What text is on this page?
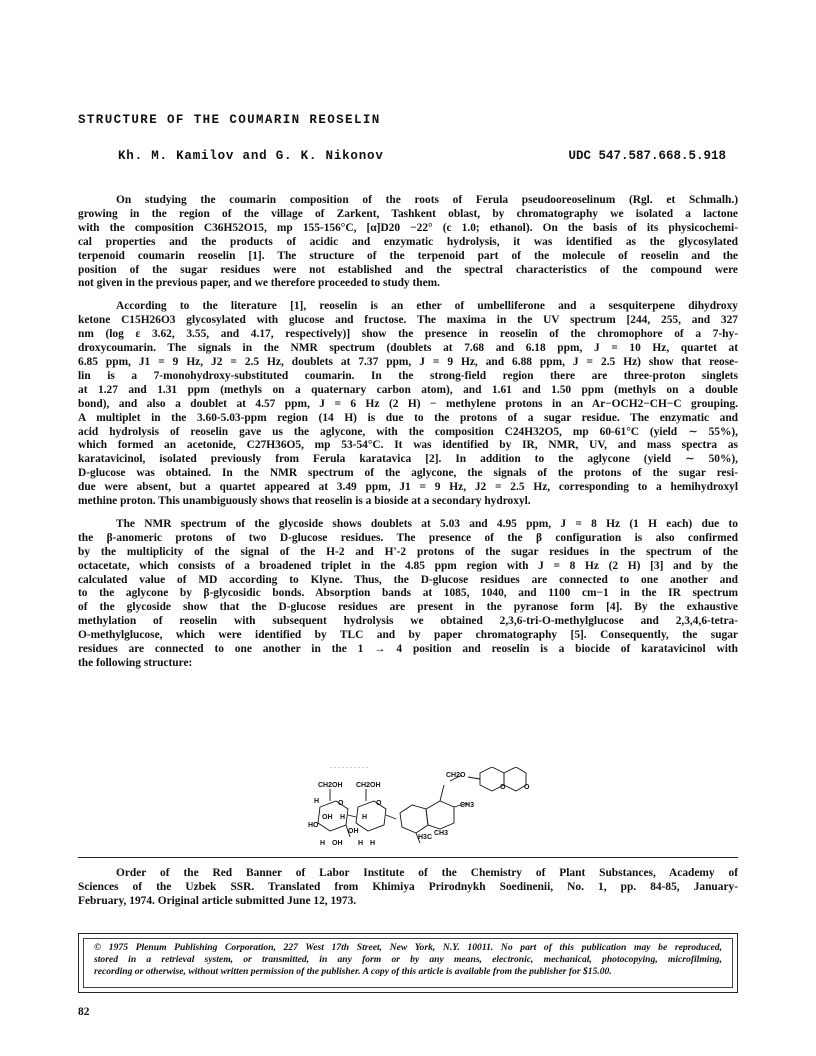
STRUCTURE OF THE COUMARIN REOSELIN
Kh. M. Kamilov and G. K. Nikonov	UDC 547.587.668.5.918
On studying the coumarin composition of the roots of Ferula pseudooreoselinum (Rgl. et Schmalh.)
growing in the region of the village of Zarkent, Tashkent oblast, by chromatography we isolated a lactone
with the composition C36H52O15, mp 155-156°C, [α]D20 −22° (c 1.0; ethanol). On the basis of its physicochemi-
cal properties and the products of acidic and enzymatic hydrolysis, it was identified as the glycosylated
terpenoid coumarin reoselin [1]. The structure of the terpenoid part of the molecule of reoselin and the
position of the sugar residues were not established and the spectral characteristics of the compound were
not given in the previous paper, and we therefore proceeded to study them.
According to the literature [1], reoselin is an ether of umbelliferone and a sesquiterpene dihydroxy
ketone C15H26O3 glycosylated with glucose and fructose. The maxima in the UV spectrum [244, 255, and 327
nm (log ε 3.62, 3.55, and 4.17, respectively)] show the presence in reoselin of the chromophore of a 7-hy-
droxycoumarin. The signals in the NMR spectrum (doublets at 7.68 and 6.18 ppm, J = 10 Hz, quartet at
6.85 ppm, J1 = 9 Hz, J2 = 2.5 Hz, doublets at 7.37 ppm, J = 9 Hz, and 6.88 ppm, J = 2.5 Hz) show that reose-
lin is a 7-monohydroxy-substituted coumarin. In the strong-field region there are three-proton singlets
at 1.27 and 1.31 ppm (methyls on a quaternary carbon atom), and 1.61 and 1.50 ppm (methyls on a double
bond), and also a doublet at 4.57 ppm, J = 6 Hz (2 H) − methylene protons in an Ar−OCH2−CH−C grouping.
A multiplet in the 3.60-5.03-ppm region (14 H) is due to the protons of a sugar residue. The enzymatic and
acid hydrolysis of reoselin gave us the aglycone, with the composition C24H32O5, mp 60-61°C (yield ∼ 55%),
which formed an acetonide, C27H36O5, mp 53-54°C. It was identified by IR, NMR, UV, and mass spectra as
karatavicinol, isolated previously from Ferula karatavica [2]. In addition to the aglycone (yield ∼ 50%),
D-glucose was obtained. In the NMR spectrum of the aglycone, the signals of the protons of the sugar resi-
due were absent, but a quartet appeared at 3.49 ppm, J1 = 9 Hz, J2 = 2.5 Hz, corresponding to a hemihydroxyl
methine proton. This unambiguously shows that reoselin is a bioside at a secondary hydroxyl.
The NMR spectrum of the glycoside shows doublets at 5.03 and 4.95 ppm, J = 8 Hz (1 H each) due to
the β-anomeric protons of two D-glucose residues. The presence of the β configuration is also confirmed
by the multiplicity of the signal of the H-2 and H'-2 protons of the sugar residues in the spectrum of the
octacetate, which consists of a broadened triplet in the 4.85 ppm region with J = 8 Hz (2 H) [3] and by the
calculated value of MD according to Klyne. Thus, the D-glucose residues are connected to one another and
to the aglycone by β-glycosidic bonds. Absorption bands at 1085, 1040, and 1100 cm−1 in the IR spectrum
of the glycoside show that the D-glucose residues are present in the pyranose form [4]. By the exhaustive
methylation of reoselin with subsequent hydrolysis we obtained 2,3,6-tri-O-methylglucose and 2,3,4,6-tetra-
O-methylglucose, which were identified by TLC and by paper chromatography [5]. Consequently, the sugar
residues are connected to one another in the 1 → 4 position and reoselin is a biocide of karatavicinol with
the following structure:
CH2O
CH2OH CH2OH
H	O	O
OH H
HO
H
OH
H OH
CH3
H3C
CH3
O	O
H H
Order of the Red Banner of Labor Institute of the Chemistry of Plant Substances, Academy of
Sciences of the Uzbek SSR. Translated from Khimiya Prirodnykh Soedinenii, No. 1, pp. 84-85, January-
February, 1974. Original article submitted June 12, 1973.
© 1975 Plenum Publishing Corporation, 227 West 17th Street, New York, N.Y. 10011. No part of this publication may be reproduced,
stored in a retrieval system, or transmitted, in any form or by any means, electronic, mechanical, photocopying, microfilming,
recording or otherwise, without written permission of the publisher. A copy of this article is available from the publisher for $15.00.
82
